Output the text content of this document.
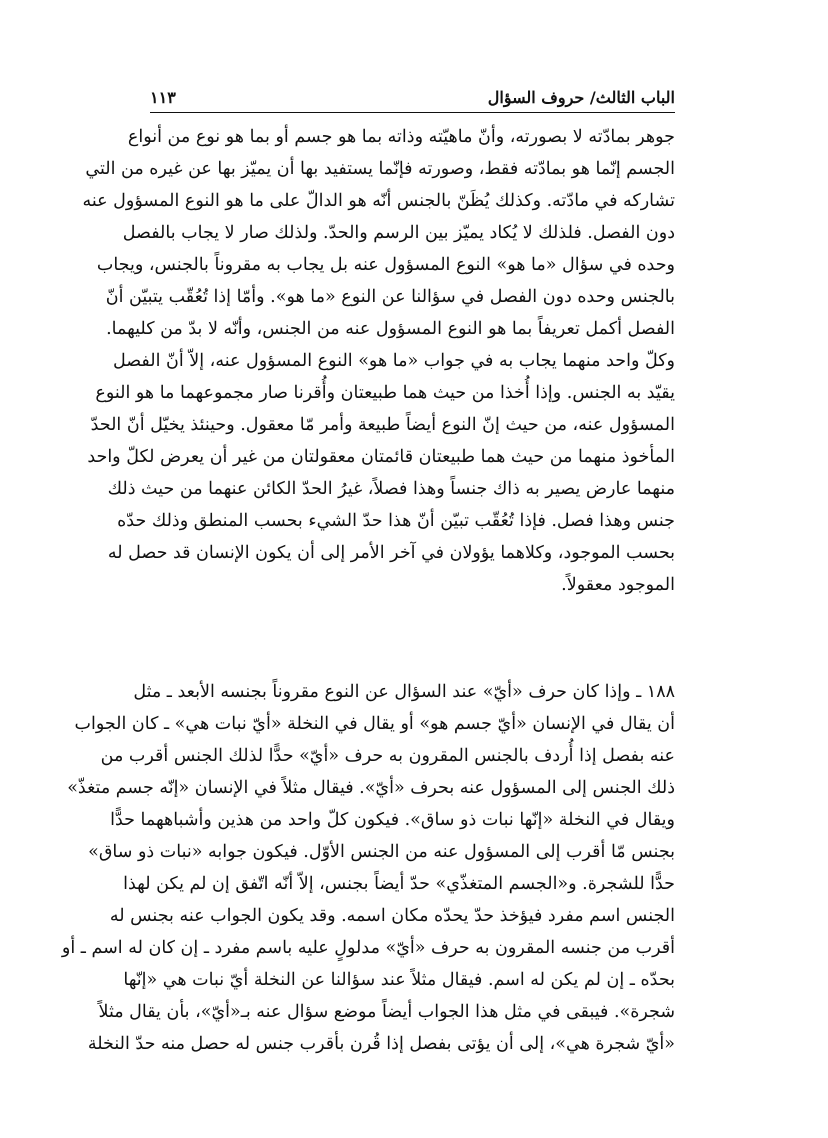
الباب الثالث/ حروف السؤال
١١٣
جوهر بمادّته لا بصورته، وأنّ ماهيّته وذاته بما هو جسم أو بما هو نوع من أنواع
الجسم إنّما هو بمادّته فقط، وصورته فإنّما يستفيد بها أن يميّز بها عن غيره من التي
تشاركه في مادّته. وكذلك يُظَنّ بالجنس أنّه هو الدالّ على ما هو النوع المسؤول عنه
دون الفصل. فلذلك لا يُكاد يميّز بين الرسم والحدّ. ولذلك صار لا يجاب بالفصل
وحده في سؤال «ما هو» النوع المسؤول عنه بل يجاب به مقروناً بالجنس، ويجاب
بالجنس وحده دون الفصل في سؤالنا عن النوع «ما هو». وأمّا إذا تُعُقّب يتبيّن أنّ
الفصل أكمل تعريفاً بما هو النوع المسؤول عنه من الجنس، وأنّه لا بدّ من كليهما.
وكلّ واحد منهما يجاب به في جواب «ما هو» النوع المسؤول عنه، إلاّ أنّ الفصل
يقيّد به الجنس. وإذا أُخذا من حيث هما طبيعتان وأُقرنا صار مجموعهما ما هو النوع
المسؤول عنه، من حيث إنّ النوع أيضاً طبيعة وأمر مّا معقول. وحينئذ يخيّل أنّ الحدّ
المأخوذ منهما من حيث هما طبيعتان قائمتان معقولتان من غير أن يعرض لكلّ واحد
منهما عارض يصير به ذاك جنساً وهذا فصلاً، غيرُ الحدّ الكائن عنهما من حيث ذلك
جنس وهذا فصل. فإذا تُعُقّب تبيّن أنّ هذا حدّ الشيء بحسب المنطق وذلك حدّه
بحسب الموجود، وكلاهما يؤولان في آخر الأمر إلى أن يكون الإنسان قد حصل له
الموجود معقولاً.
١٨٨ ـ وإذا كان حرف «أيّ» عند السؤال عن النوع مقروناً بجنسه الأبعد ـ مثل
أن يقال في الإنسان «أيّ جسم هو» أو يقال في النخلة «أيّ نبات هي» ـ كان الجواب
عنه بفصل إذا أُردف بالجنس المقرون به حرف «أيّ» حدًّا لذلك الجنس أقرب من
ذلك الجنس إلى المسؤول عنه بحرف «أيّ». فيقال مثلاً في الإنسان «إنّه جسم متغذّ»
ويقال في النخلة «إنّها نبات ذو ساق». فيكون كلّ واحد من هذين وأشباههما حدًّا
بجنس مّا أقرب إلى المسؤول عنه من الجنس الأوّل. فيكون جوابه «نبات ذو ساق»
حدًّا للشجرة. و«الجسم المتغذّي» حدّ أيضاً بجنس، إلاّ أنّه اتّفق إن لم يكن لهذا
الجنس اسم مفرد فيؤخذ حدّ يحدّه مكان اسمه. وقد يكون الجواب عنه بجنس له
أقرب من جنسه المقرون به حرف «أيّ» مدلولٍ عليه باسم مفرد ـ إن كان له اسم ـ أو
بحدّه ـ إن لم يكن له اسم. فيقال مثلاً عند سؤالنا عن النخلة أيّ نبات هي «إنّها
شجرة». فيبقى في مثل هذا الجواب أيضاً موضع سؤال عنه بـ«أيّ»، بأن يقال مثلاً
«أيّ شجرة هي»، إلى أن يؤتى بفصل إذا قُرن بأقرب جنس له حصل منه حدّ النخلة
